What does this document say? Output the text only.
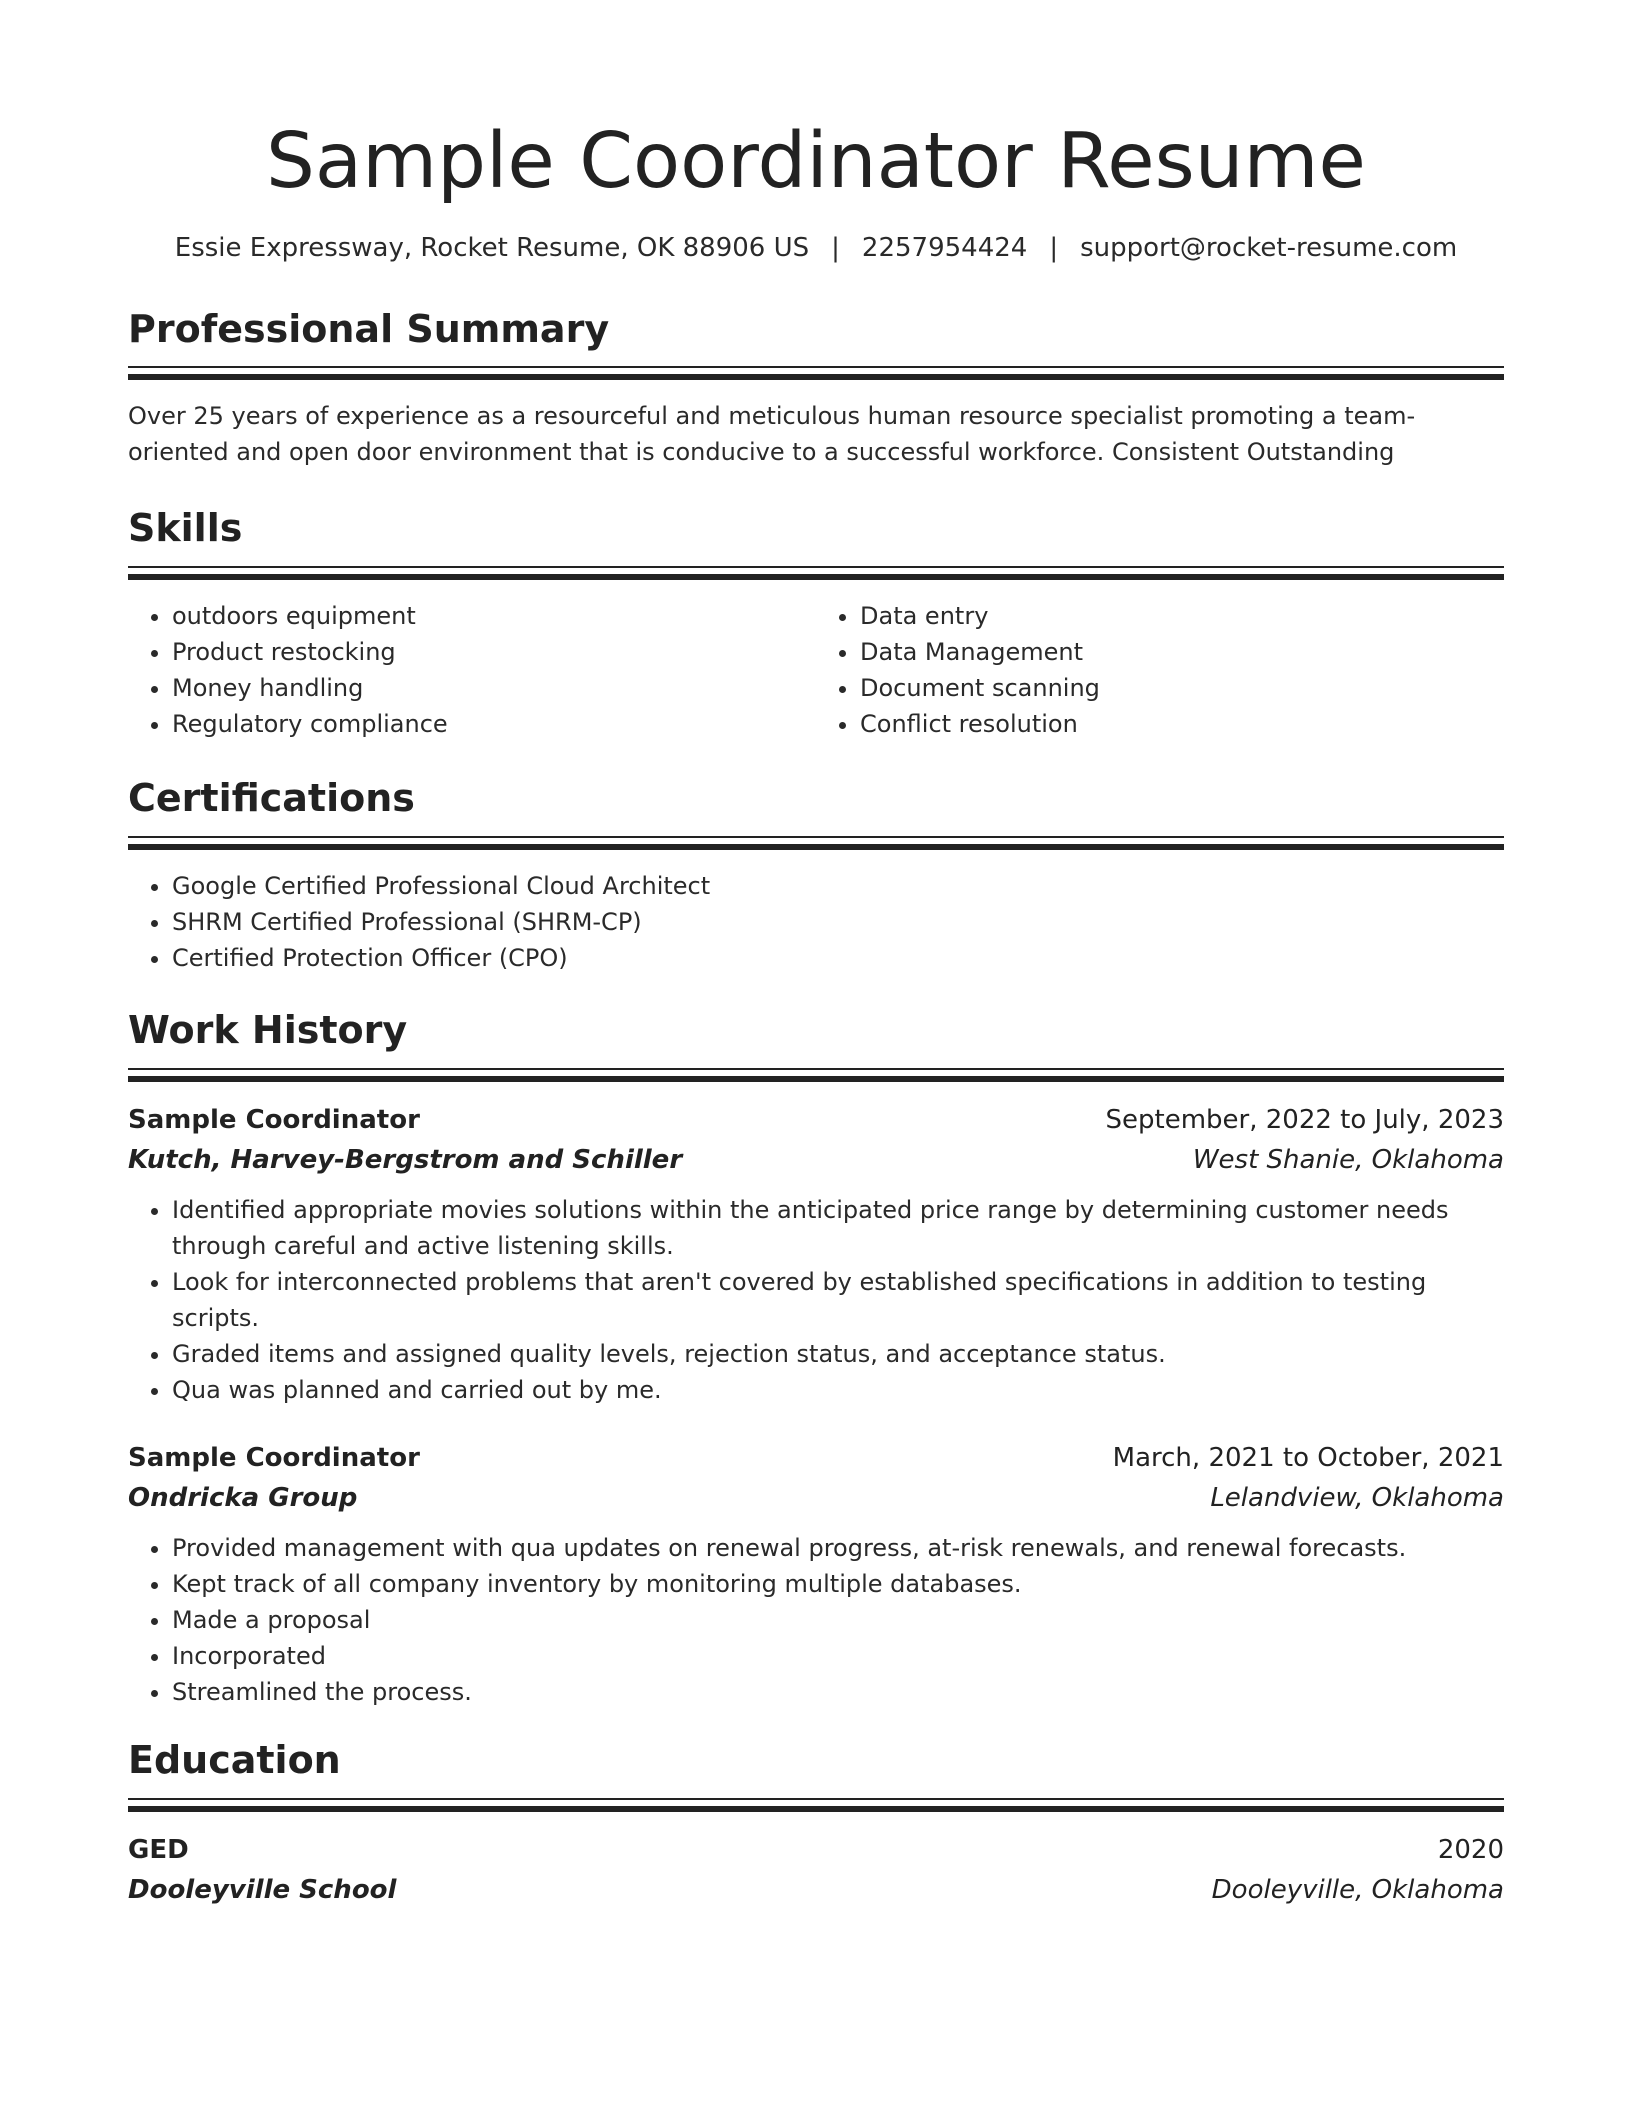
Sample Coordinator Resume
Essie Expressway, Rocket Resume, OK 88906 US | 2257954424 | support@rocket-resume.com
Professional Summary

Over 25 years of experience as a resourceful and meticulous human resource specialist promoting a team-oriented and open door environment that is conducive to a successful workforce. Consistent Outstanding

Skills
• outdoors equipment
• Product restocking
• Money handling
• Regulatory compliance
• Data entry
• Data Management
• Document scanning
• Conflict resolution
Certifications
• Google Certified Professional Cloud Architect
• SHRM Certified Professional (SHRM-CP)
• Certified Protection Officer (CPO)
Work History
Sample Coordinator	September, 2022 to July, 2023
Kutch, Harvey-Bergstrom and Schiller	West Shanie, Oklahoma
• Identified appropriate movies solutions within the anticipated price range by determining customer needs through careful and active listening skills.
• Look for interconnected problems that aren't covered by established specifications in addition to testing scripts.
• Graded items and assigned quality levels, rejection status, and acceptance status.
• Qua was planned and carried out by me.
Sample Coordinator	March, 2021 to October, 2021
Ondricka Group	Lelandview, Oklahoma
• Provided management with qua updates on renewal progress, at-risk renewals, and renewal forecasts.
• Kept track of all company inventory by monitoring multiple databases.
• Made a proposal
• Incorporated
• Streamlined the process.
Education
GED	2020
Dooleyville School	Dooleyville, Oklahoma
